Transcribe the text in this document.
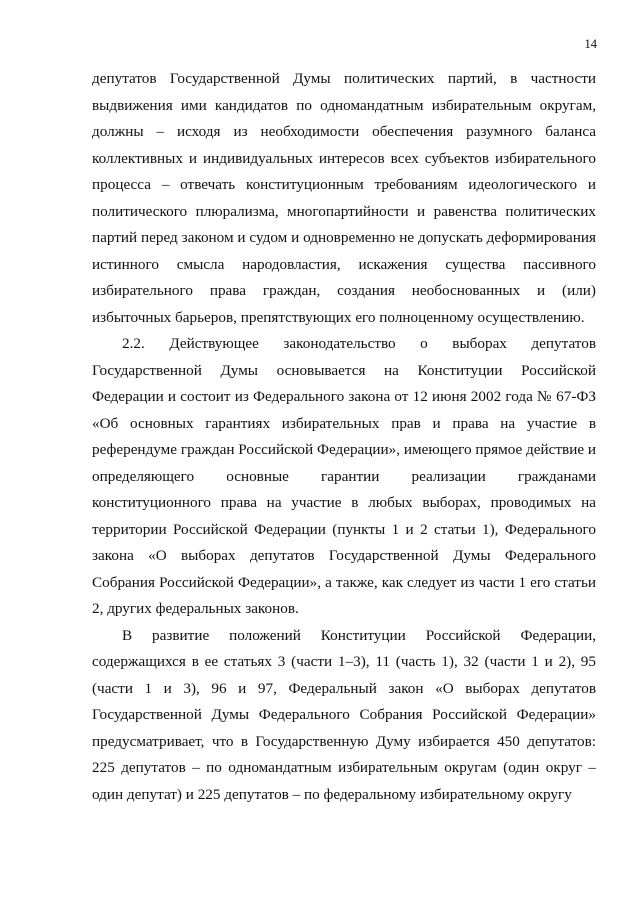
14

депутатов Государственной Думы политических партий, в частности выдвижения ими кандидатов по одномандатным избирательным округам, должны – исходя из необходимости обеспечения разумного баланса коллективных и индивидуальных интересов всех субъектов избирательного процесса – отвечать конституционным требованиям идеологического и политического плюрализма, многопартийности и равенства политических партий перед законом и судом и одновременно не допускать деформирования истинного смысла народовластия, искажения существа пассивного избирательного права граждан, создания необоснованных и (или) избыточных барьеров, препятствующих его полноценному осуществлению.

2.2. Действующее законодательство о выборах депутатов Государственной Думы основывается на Конституции Российской Федерации и состоит из Федерального закона от 12 июня 2002 года № 67-ФЗ «Об основных гарантиях избирательных прав и права на участие в референдуме граждан Российской Федерации», имеющего прямое действие и определяющего основные гарантии реализации гражданами конституционного права на участие в любых выборах, проводимых на территории Российской Федерации (пункты 1 и 2 статьи 1), Федерального закона «О выборах депутатов Государственной Думы Федерального Собрания Российской Федерации», а также, как следует из части 1 его статьи 2, других федеральных законов.

В развитие положений Конституции Российской Федерации, содержащихся в ее статьях 3 (части 1–3), 11 (часть 1), 32 (части 1 и 2), 95 (части 1 и 3), 96 и 97, Федеральный закон «О выборах депутатов Государственной Думы Федерального Собрания Российской Федерации» предусматривает, что в Государственную Думу избирается 450 депутатов: 225 депутатов – по одномандатным избирательным округам (один округ – один депутат) и 225 депутатов – по федеральному избирательному округу
